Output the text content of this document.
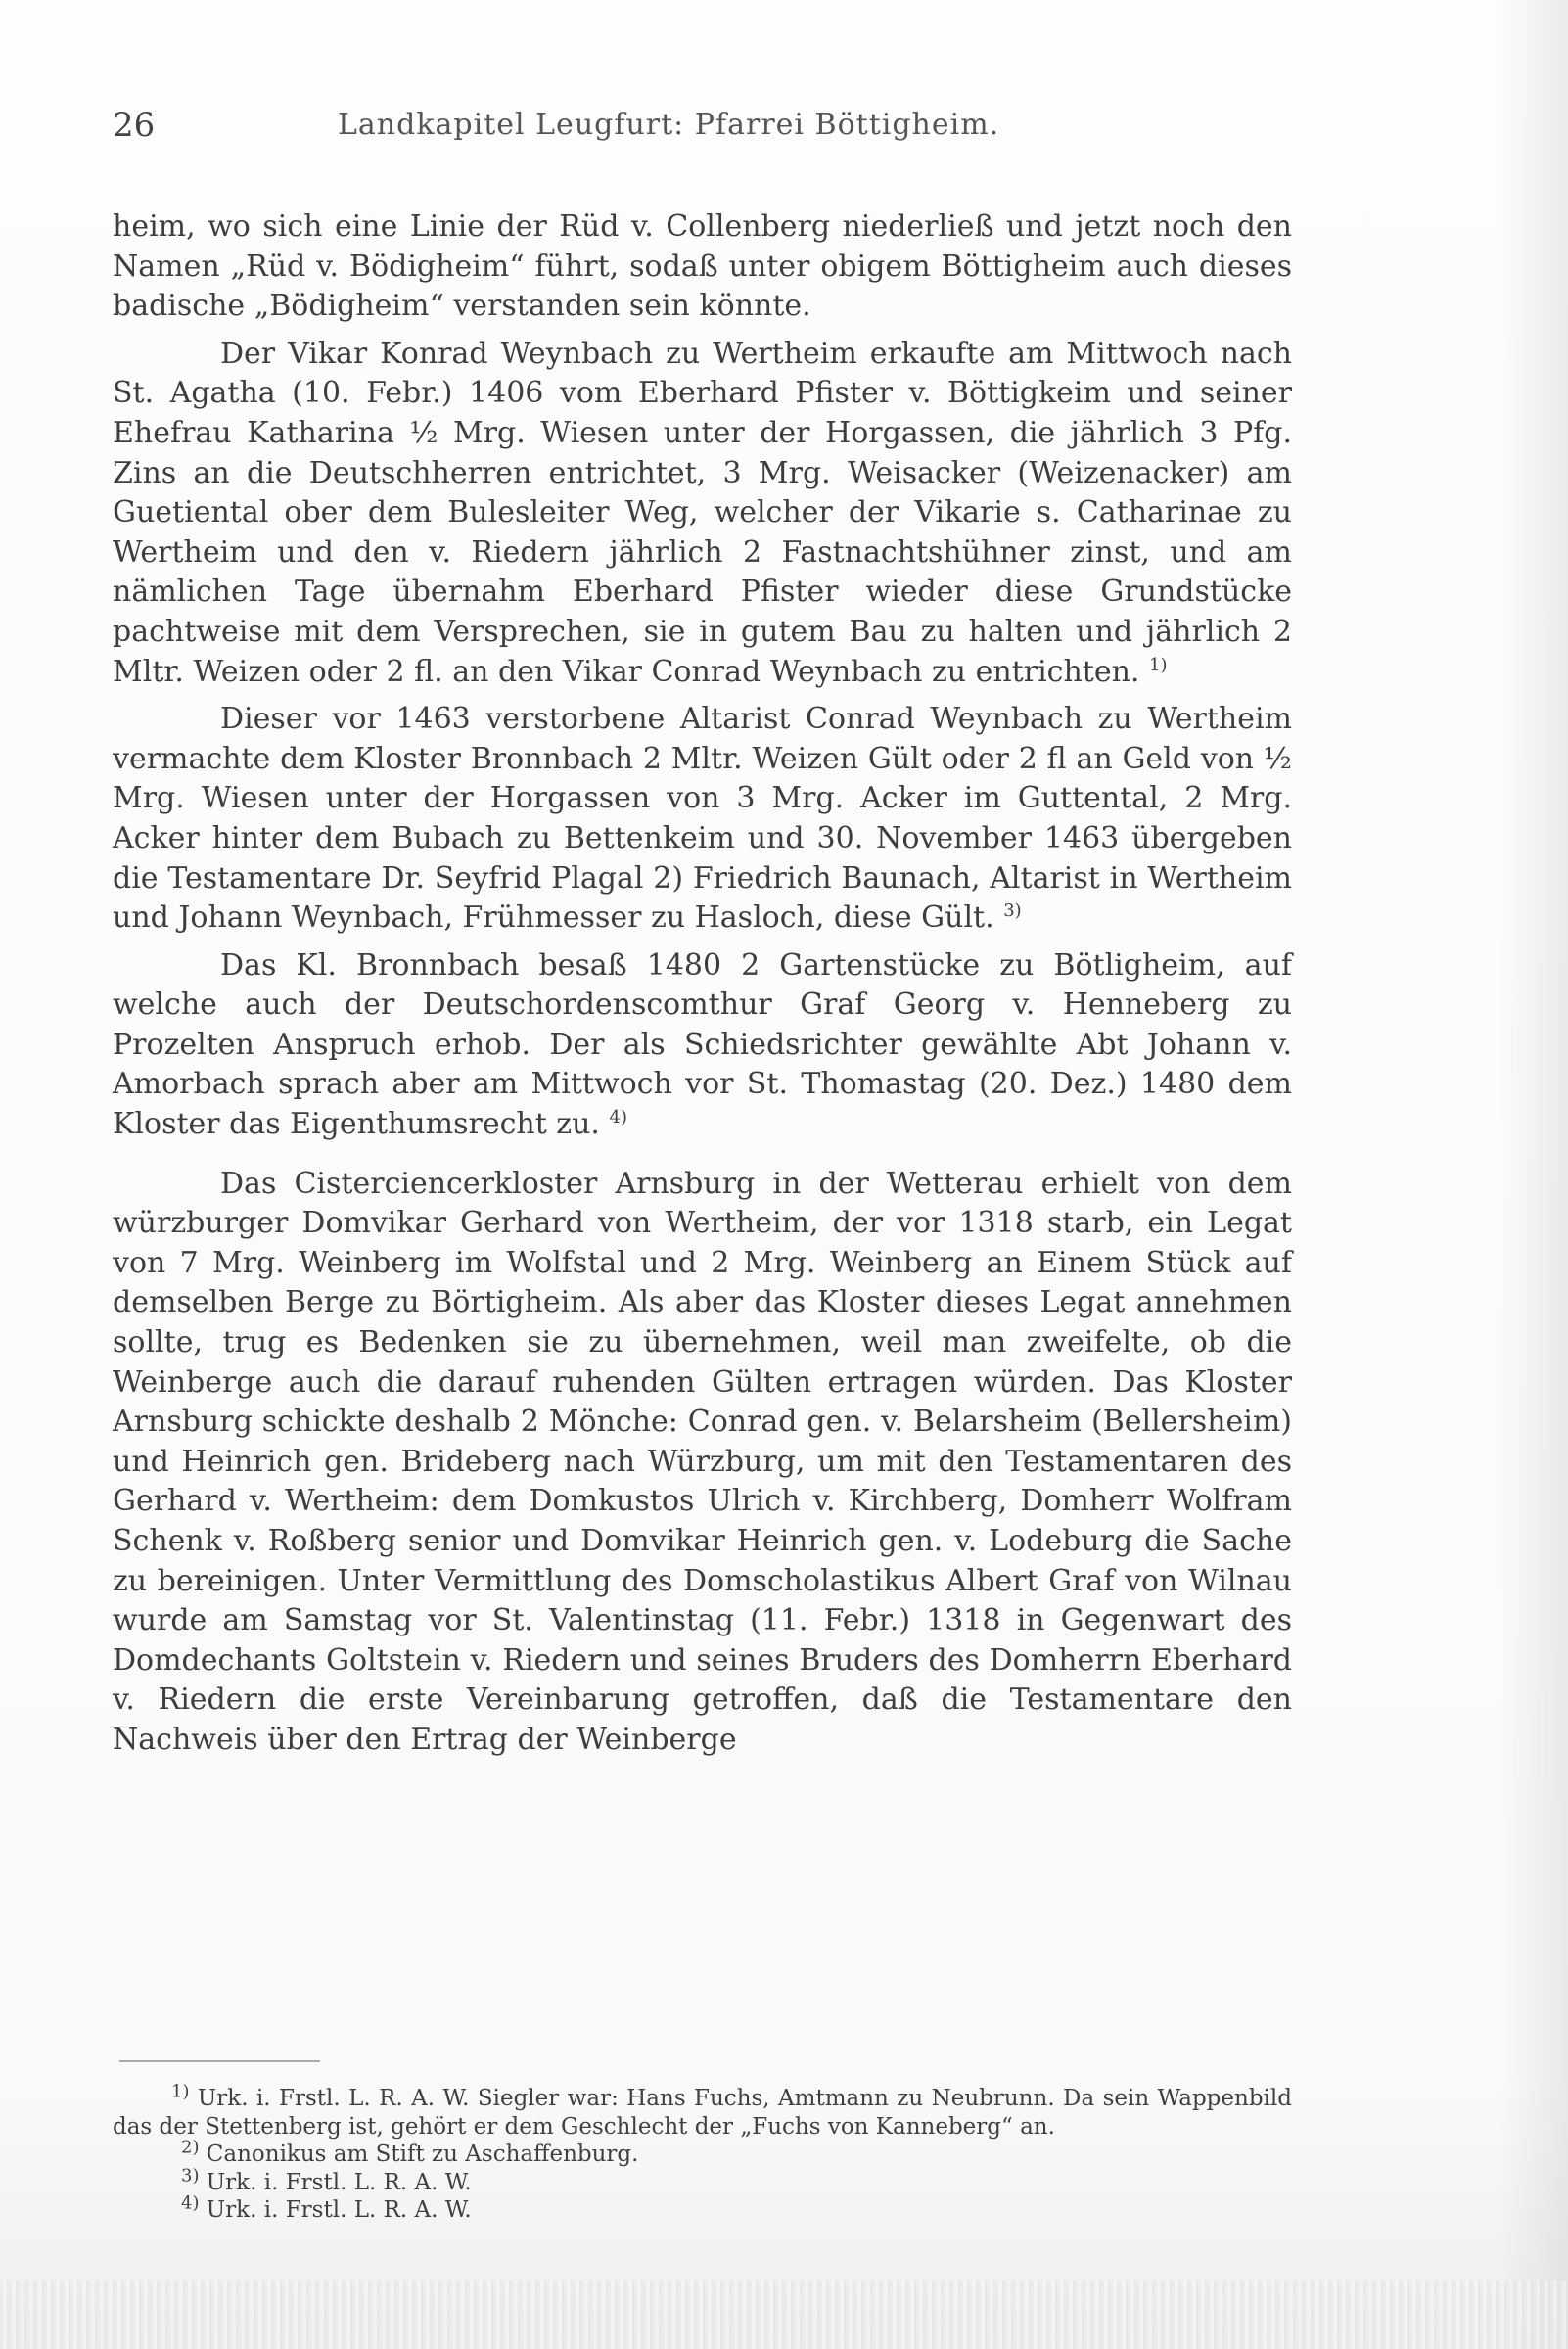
26	Landkapitel Leugfurt: Pfarrei Böttigheim.

heim, wo sich eine Linie der Rüd v. Collenberg niederließ und jetzt noch den Namen „Rüd v. Bödigheim“ führt, sodaß unter obigem Böttigheim auch dieses badische „Bödigheim“ verstanden sein könnte.

Der Vikar Konrad Weynbach zu Wertheim erkaufte am Mittwoch nach St. Agatha (10. Febr.) 1406 vom Eberhard Pfister v. Böttigkeim und seiner Ehefrau Katharina ½ Mrg. Wiesen unter der Horgassen, die jährlich 3 Pfg. Zins an die Deutschherren entrichtet, 3 Mrg. Weisacker (Weizenacker) am Guetiental ober dem Bulesleiter Weg, welcher der Vikarie s. Catharinae zu Wertheim und den v. Riedern jährlich 2 Fastnachtshühner zinst, und am nämlichen Tage übernahm Eberhard Pfister wieder diese Grundstücke pachtweise mit dem Versprechen, sie in gutem Bau zu halten und jährlich 2 Mltr. Weizen oder 2 fl. an den Vikar Conrad Weynbach zu entrichten. $^{1)}$

Dieser vor 1463 verstorbene Altarist Conrad Weynbach zu Wertheim vermachte dem Kloster Bronnbach 2 Mltr. Weizen Gült oder 2 fl an Geld von ½ Mrg. Wiesen unter der Horgassen von 3 Mrg. Acker im Guttental, 2 Mrg. Acker hinter dem Bubach zu Bettenkeim und 30. November 1463 übergeben die Testamentare Dr. Seyfrid Plagal 2) Friedrich Baunach, Altarist in Wertheim und Johann Weynbach, Frühmesser zu Hasloch, diese Gült. $^{3)}$

Das Kl. Bronnbach besaß 1480 2 Gartenstücke zu Bötligheim, auf welche auch der Deutschordenscomthur Graf Georg v. Henneberg zu Prozelten Anspruch erhob. Der als Schiedsrichter gewählte Abt Johann v. Amorbach sprach aber am Mittwoch vor St. Thomastag (20. Dez.) 1480 dem Kloster das Eigenthumsrecht zu. $^{4)}$

Das Cisterciencerkloster Arnsburg in der Wetterau erhielt von dem würzburger Domvikar Gerhard von Wertheim, der vor 1318 starb, ein Legat von 7 Mrg. Weinberg im Wolfstal und 2 Mrg. Weinberg an Einem Stück auf demselben Berge zu Börtigheim. Als aber das Kloster dieses Legat annehmen sollte, trug es Bedenken sie zu übernehmen, weil man zweifelte, ob die Weinberge auch die darauf ruhenden Gülten ertragen würden. Das Kloster Arnsburg schickte deshalb 2 Mönche: Conrad gen. v. Belarsheim (Bellersheim) und Heinrich gen. Brideberg nach Würzburg, um mit den Testamentaren des Gerhard v. Wertheim: dem Domkustos Ulrich v. Kirchberg, Domherr Wolfram Schenk v. Roßberg senior und Domvikar Heinrich gen. v. Lodeburg die Sache zu bereinigen. Unter Vermittlung des Domscholastikus Albert Graf von Wilnau wurde am Samstag vor St. Valentinstag (11. Febr.) 1318 in Gegenwart des Domdechants Goltstein v. Riedern und seines Bruders des Domherrn Eberhard v. Riedern die erste Vereinbarung getroffen, daß die Testamentare den Nachweis über den Ertrag der Weinberge

$^{1)}$ Urk. i. Frstl. L. R. A. W. Siegler war: Hans Fuchs, Amtmann zu Neubrunn. Da sein Wappenbild das der Stettenberg ist, gehört er dem Geschlecht der „Fuchs von Kanneberg“ an.

$^{2)}$ Canonikus am Stift zu Aschaffenburg.

$^{3)}$ Urk. i. Frstl. L. R. A. W.

$^{4)}$ Urk. i. Frstl. L. R. A. W.
